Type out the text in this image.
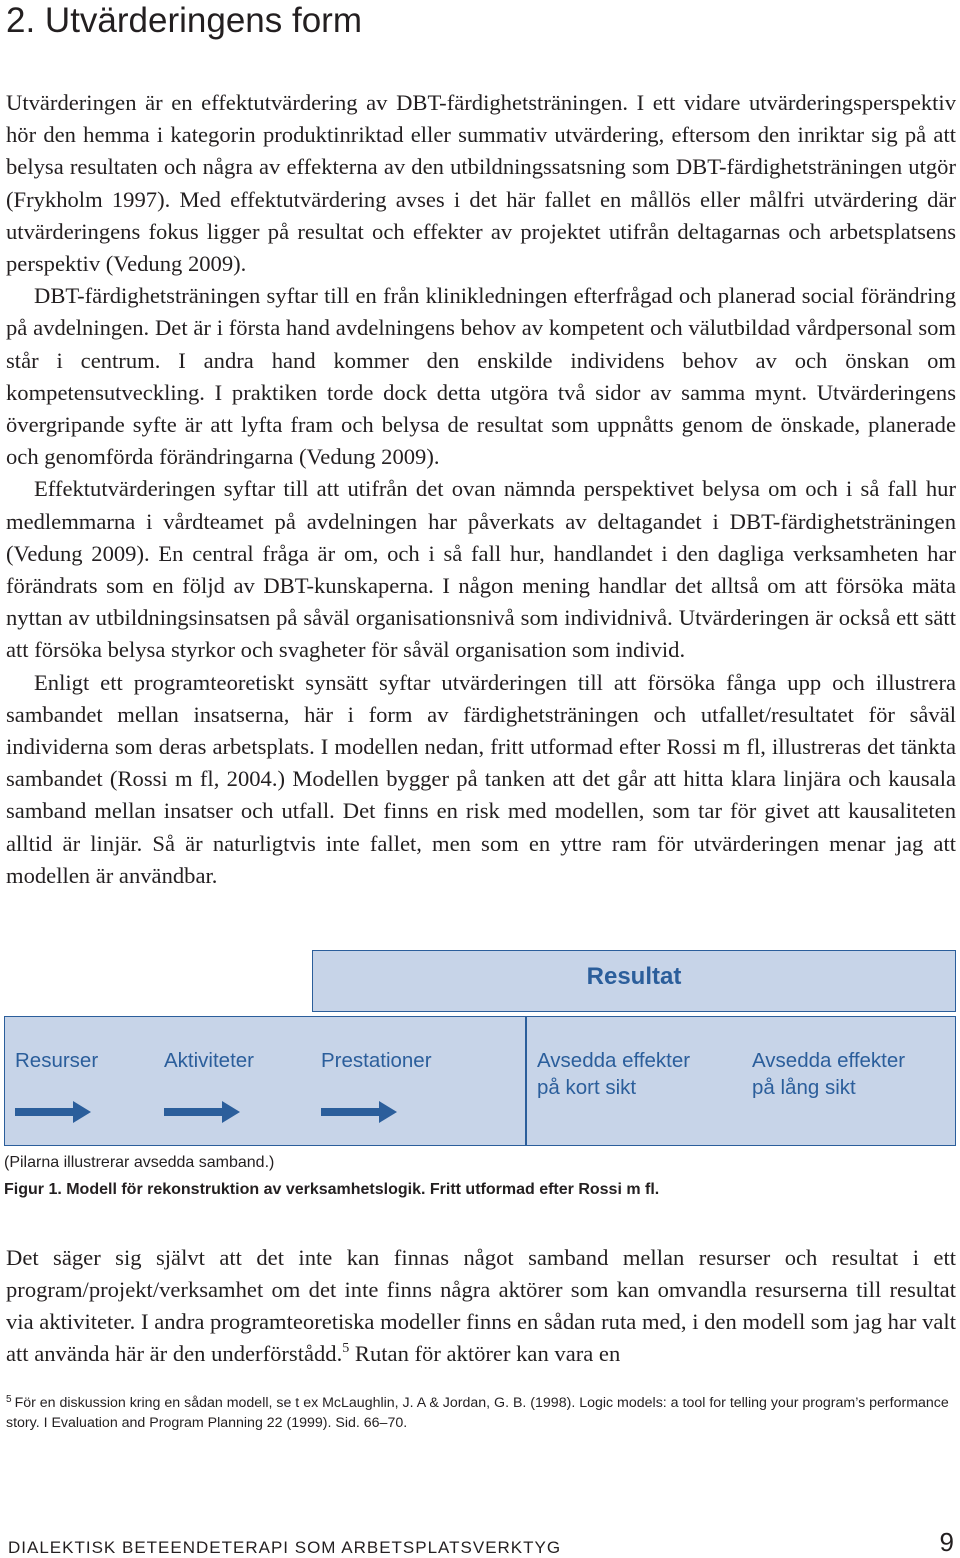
2. Utvärderingens form

Utvärderingen är en effektutvärdering av DBT-färdighetsträningen. I ett vidare utvärderingsperspektiv hör den hemma i kategorin produktinriktad eller summativ utvärdering, eftersom den inriktar sig på att belysa resultaten och några av effekterna av den utbildningssatsning som DBT-färdighetsträningen utgör (Frykholm 1997). Med effektutvärdering avses i det här fallet en mållös eller målfri utvärdering där utvärderingens fokus ligger på resultat och effekter av projektet utifrån deltagarnas och arbetsplatsens perspektiv (Vedung 2009).

DBT-färdighetsträningen syftar till en från klinikledningen efterfrågad och planerad social förändring på avdelningen. Det är i första hand avdelningens behov av kompetent och välutbildad vårdpersonal som står i centrum. I andra hand kommer den enskilde individens behov av och önskan om kompetensutveckling. I praktiken torde dock detta utgöra två sidor av samma mynt. Utvärderingens övergripande syfte är att lyfta fram och belysa de resultat som uppnåtts genom de önskade, planerade och genomförda förändringarna (Vedung 2009).

Effektutvärderingen syftar till att utifrån det ovan nämnda perspektivet belysa om och i så fall hur medlemmarna i vårdteamet på avdelningen har påverkats av deltagandet i DBT-färdighetsträningen (Vedung 2009). En central fråga är om, och i så fall hur, handlandet i den dagliga verksamheten har förändrats som en följd av DBT-kunskaperna. I någon mening handlar det alltså om att försöka mäta nyttan av utbildningsinsatsen på såväl organisationsnivå som individnivå. Utvärderingen är också ett sätt att försöka belysa styrkor och svagheter för såväl organisation som individ.

Enligt ett programteoretiskt synsätt syftar utvärderingen till att försöka fånga upp och illustrera sambandet mellan insatserna, här i form av färdighetsträningen och utfallet/resultatet för såväl individerna som deras arbetsplats. I modellen nedan, fritt utformad efter Rossi m fl, illustreras det tänkta sambandet (Rossi m fl, 2004.) Modellen bygger på tanken att det går att hitta klara linjära och kausala samband mellan insatser och utfall. Det finns en risk med modellen, som tar för givet att kausaliteten alltid är linjär. Så är naturligtvis inte fallet, men som en yttre ram för utvärderingen menar jag att modellen är användbar.

Resultat
Resurser	Aktiviteter	Prestationer	Avsedda effekter
på kort sikt
Avsedda effekter
på lång sikt
(Pilarna illustrerar avsedda samband.)
Figur 1. Modell för rekonstruktion av verksamhetslogik. Fritt utformad efter Rossi m fl.

Det säger sig självt att det inte kan finnas något samband mellan resurser och resultat i ett program/projekt/verksamhet om det inte finns några aktörer som kan omvandla resurserna till resultat via aktiviteter. I andra programteoretiska modeller finns en sådan ruta med, i den modell som jag har valt att använda här är den underförstådd.$^5$ Rutan för aktörer kan vara en

$^5$ För en diskussion kring en sådan modell, se t ex McLaughlin, J. A & Jordan, G. B. (1998). Logic models: a tool for telling your program’s performance story. I Evaluation and Program Planning 22 (1999). Sid. 66–70.

DIALEKTISK BETEENDETERAPI SOM ARBETSPLATSVERKTYG	9
